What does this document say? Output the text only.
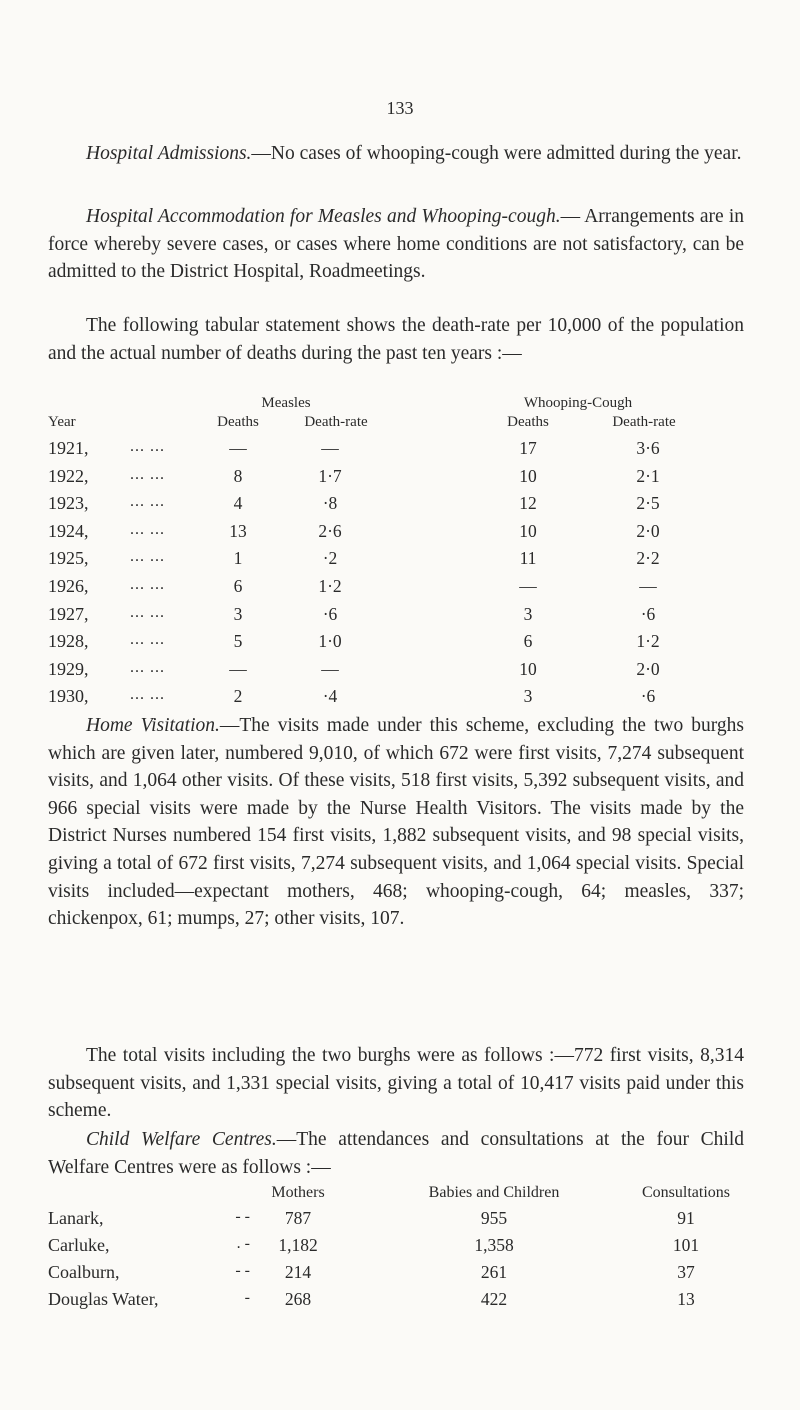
133

Hospital Admissions.—No cases of whooping-cough were admitted during the year.

Hospital Accommodation for Measles and Whooping-cough.— Arrangements are in force whereby severe cases, or cases where home conditions are not satisfactory, can be admitted to the District Hospital, Roadmeetings.

The following tabular statement shows the death-rate per 10,000 of the population and the actual number of deaths during the past ten years :—

Measles	Whooping-Cough
Year	Deaths	Death-rate	Deaths	Death-rate
1921,	... ...	—	—	17	3·6
1922,	... ...	8	1·7	10	2·1
1923,	... ...	4	·8	12	2·5
1924,	... ...	13	2·6	10	2·0
1925,	... ...	1	·2	11	2·2
1926,	... ...	6	1·2	—	—
1927,	... ...	3	·6	3	·6
1928,	... ...	5	1·0	6	1·2
1929,	... ...	—	—	10	2·0
1930,	... ...	2	·4	3	·6

Home Visitation.—The visits made under this scheme, excluding the two burghs which are given later, numbered 9,010, of which 672 were first visits, 7,274 subsequent visits, and 1,064 other visits. Of these visits, 518 first visits, 5,392 subsequent visits, and 966 special visits were made by the Nurse Health Visitors. The visits made by the District Nurses numbered 154 first visits, 1,882 subsequent visits, and 98 special visits, giving a total of 672 first visits, 7,274 subsequent visits, and 1,064 special visits. Special visits included—expectant mothers, 468; whooping-cough, 64; measles, 337; chickenpox, 61; mumps, 27; other visits, 107.

The total visits including the two burghs were as follows :—772 first visits, 8,314 subsequent visits, and 1,331 special visits, giving a total of 10,417 visits paid under this scheme.

Child Welfare Centres.—The attendances and consultations at the four Child Welfare Centres were as follows :—

Mothers	Babies and Children	Consultations
Lanark,	- - 787	955	91
Carluke,	. - 1,182	1,358	101
Coalburn,	- - 214	261	37
Douglas Water,	- 268	422	13
